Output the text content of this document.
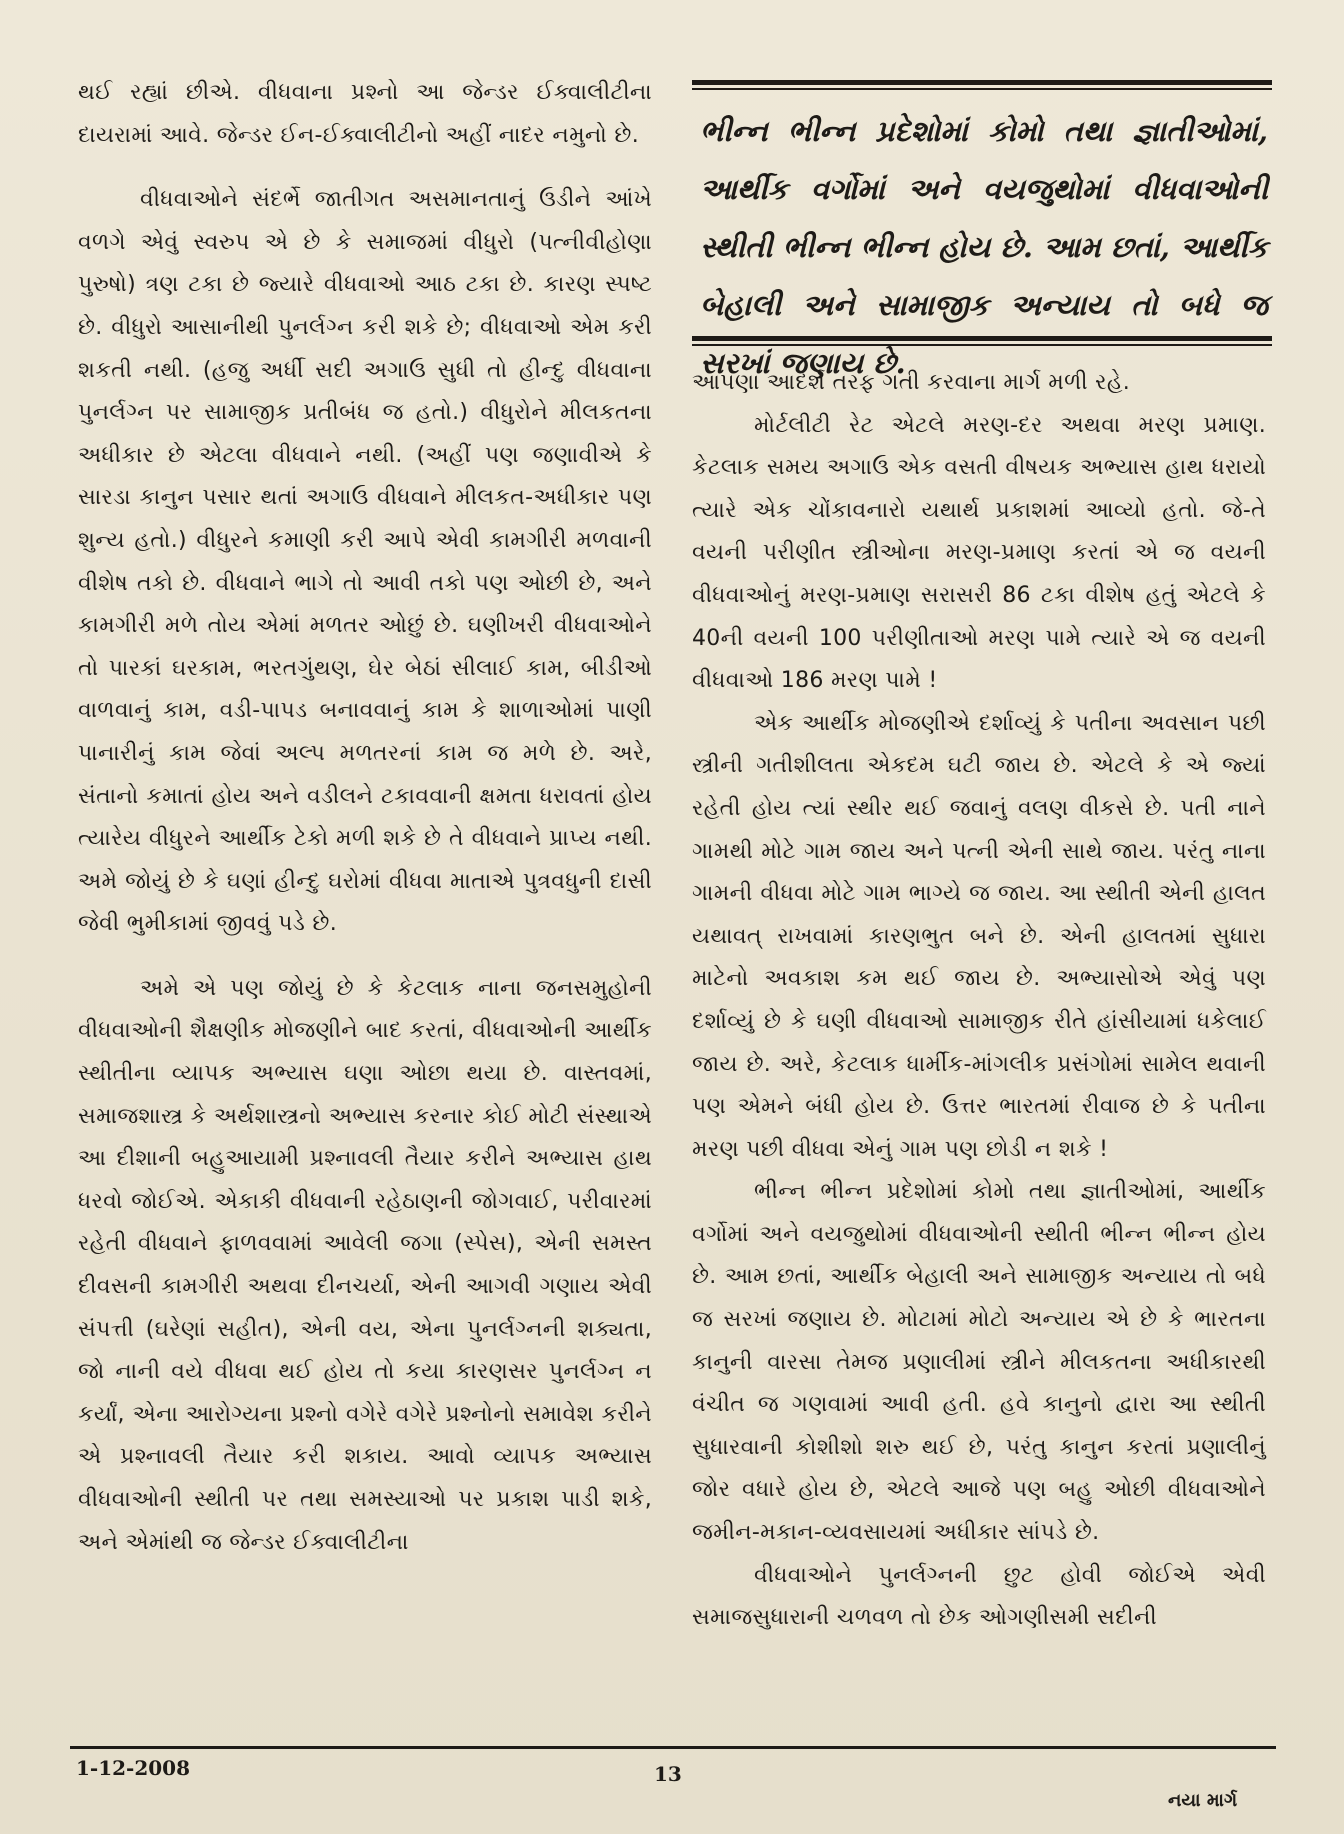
ભીન્ન ભીન્ન પ્રદેશોમાં કોમો તથા જ્ઞાતીઓમાં, આર્થીક વર્ગોમાં અને વયજુથોમાં વીધવાઓની સ્થીતી ભીન્ન ભીન્ન હોય છે. આમ છતાં, આર્થીક બેહાલી અને સામાજીક અન્યાય તો બધે જ સરખાં જણાય છે.

થઈ રહ્યાં છીએ. વીધવાના પ્રશ્નો આ જેન્ડર ઈક્વાલીટીના દાયરામાં આવે. જેન્ડર ઈન-ઈક્વાલીટીનો અહીં નાદર નમુનો છે.

વીધવાઓને સંદર્ભે જાતીગત અસમાનતાનું ઉડીને આંખે વળગે એવું સ્વરુપ એ છે કે સમાજમાં વીધુરો (પત્નીવીહોણા પુરુષો) ત્રણ ટકા છે જ્યારે વીધવાઓ આઠ ટકા છે. કારણ સ્પષ્ટ છે. વીધુરો આસાનીથી પુનર્લગ્ન કરી શકે છે; વીધવાઓ એમ કરી શકતી નથી. (હજુ અર્ધી સદી અગાઉ સુધી તો હીન્દુ વીધવાના પુનર્લગ્ન પર સામાજીક પ્રતીબંધ જ હતો.) વીધુરોને મીલકતના અધીકાર છે એટલા વીધવાને નથી. (અહીં પણ જણાવીએ કે સારડા કાનુન પસાર થતાં અગાઉ વીધવાને મીલકત-અધીકાર પણ શુન્ય હતો.) વીધુરને કમાણી કરી આપે એવી કામગીરી મળવાની વીશેષ તકો છે. વીધવાને ભાગે તો આવી તકો પણ ઓછી છે, અને કામગીરી મળે તોય એમાં મળતર ઓછું છે. ઘણીખરી વીધવાઓને તો પારકાં ઘરકામ, ભરતગુંથણ, ઘેર બેઠાં સીલાઈ કામ, બીડીઓ વાળવાનું કામ, વડી-પાપડ બનાવવાનું કામ કે શાળાઓમાં પાણી પાનારીનું કામ જેવાં અલ્પ મળતરનાં કામ જ મળે છે. અરે, સંતાનો કમાતાં હોય અને વડીલને ટકાવવાની ક્ષમતા ધરાવતાં હોય ત્યારેય વીધુરને આર્થીક ટેકો મળી શકે છે તે વીધવાને પ્રાપ્ય નથી. અમે જોયું છે કે ઘણાં હીન્દુ ઘરોમાં વીધવા માતાએ પુત્રવધુની દાસી જેવી ભુમીકામાં જીવવું પડે છે.

અમે એ પણ જોયું છે કે કેટલાક નાના જનસમુહોની વીધવાઓની શૈક્ષણીક મોજણીને બાદ કરતાં, વીધવાઓની આર્થીક સ્થીતીના વ્યાપક અભ્યાસ ઘણા ઓછા થયા છે. વાસ્તવમાં, સમાજશાસ્ત્ર કે અર્થશાસ્ત્રનો અભ્યાસ કરનાર કોઈ મોટી સંસ્થાએ આ દીશાની બહુઆયામી પ્રશ્નાવલી તૈયાર કરીને અભ્યાસ હાથ ધરવો જોઈએ. એકાકી વીધવાની રહેઠાણની જોગવાઈ, પરીવારમાં રહેતી વીધવાને ફાળવવામાં આવેલી જગા (સ્પેસ), એની સમસ્ત દીવસની કામગીરી અથવા દીનચર્યા, એની આગવી ગણાય એવી સંપત્તી (ઘરેણાં સહીત), એની વય, એના પુનર્લગ્નની શક્યતા, જો નાની વયે વીધવા થઈ હોય તો કયા કારણસર પુનર્લગ્ન ન કર્યાં, એના આરોગ્યના પ્રશ્નો વગેરે વગેરે પ્રશ્નોનો સમાવેશ કરીને એ પ્રશ્નાવલી તૈયાર કરી શકાય. આવો વ્યાપક અભ્યાસ વીધવાઓની સ્થીતી પર તથા સમસ્યાઓ પર પ્રકાશ પાડી શકે, અને એમાંથી જ જેન્ડર ઈક્વાલીટીના

આપણા આદર્શ તરફ ગતી કરવાના માર્ગ મળી રહે.

મોર્ટલીટી રેટ એટલે મરણ-દર અથવા મરણ પ્રમાણ. કેટલાક સમય અગાઉ એક વસતી વીષયક અભ્યાસ હાથ ધરાયો ત્યારે એક ચોંકાવનારો યથાર્થ પ્રકાશમાં આવ્યો હતો. જે-તે વયની પરીણીત સ્ત્રીઓના મરણ-પ્રમાણ કરતાં એ જ વયની વીધવાઓનું મરણ-પ્રમાણ સરાસરી 86 ટકા વીશેષ હતું એટલે કે 40ની વયની 100 પરીણીતાઓ મરણ પામે ત્યારે એ જ વયની વીધવાઓ 186 મરણ પામે !

એક આર્થીક મોજણીએ દર્શાવ્યું કે પતીના અવસાન પછી સ્ત્રીની ગતીશીલતા એકદમ ઘટી જાય છે. એટલે કે એ જ્યાં રહેતી હોય ત્યાં સ્થીર થઈ જવાનું વલણ વીકસે છે. પતી નાને ગામથી મોટે ગામ જાય અને પત્ની એની સાથે જાય. પરંતુ નાના ગામની વીધવા મોટે ગામ ભાગ્યે જ જાય. આ સ્થીતી એની હાલત યથાવત્ રાખવામાં કારણભુત બને છે. એની હાલતમાં સુધારા માટેનો અવકાશ કમ થઈ જાય છે. અભ્યાસોએ એવું પણ દર્શાવ્યું છે કે ઘણી વીધવાઓ સામાજીક રીતે હાંસીયામાં ધકેલાઈ જાય છે. અરે, કેટલાક ધાર્મીક-માંગલીક પ્રસંગોમાં સામેલ થવાની પણ એમને બંધી હોય છે. ઉત્તર ભારતમાં રીવાજ છે કે પતીના મરણ પછી વીધવા એનું ગામ પણ છોડી ન શકે !

ભીન્ન ભીન્ન પ્રદેશોમાં કોમો તથા જ્ઞાતીઓમાં, આર્થીક વર્ગોમાં અને વયજુથોમાં વીધવાઓની સ્થીતી ભીન્ન ભીન્ન હોય છે. આમ છતાં, આર્થીક બેહાલી અને સામાજીક અન્યાય તો બધે જ સરખાં જણાય છે. મોટામાં મોટો અન્યાય એ છે કે ભારતના કાનુની વારસા તેમજ પ્રણાલીમાં સ્ત્રીને મીલકતના અધીકારથી વંચીત જ ગણવામાં આવી હતી. હવે કાનુનો દ્વારા આ સ્થીતી સુધારવાની કોશીશો શરુ થઈ છે, પરંતુ કાનુન કરતાં પ્રણાલીનું જોર વધારે હોય છે, એટલે આજે પણ બહુ ઓછી વીધવાઓને જમીન-મકાન-વ્યવસાયમાં અધીકાર સાંપડે છે.

વીધવાઓને પુનર્લગ્નની છુટ હોવી જોઈએ એવી સમાજસુધારાની ચળવળ તો છેક ઓગણીસમી સદીની

1-12-2008	13
નયા માર્ગ
